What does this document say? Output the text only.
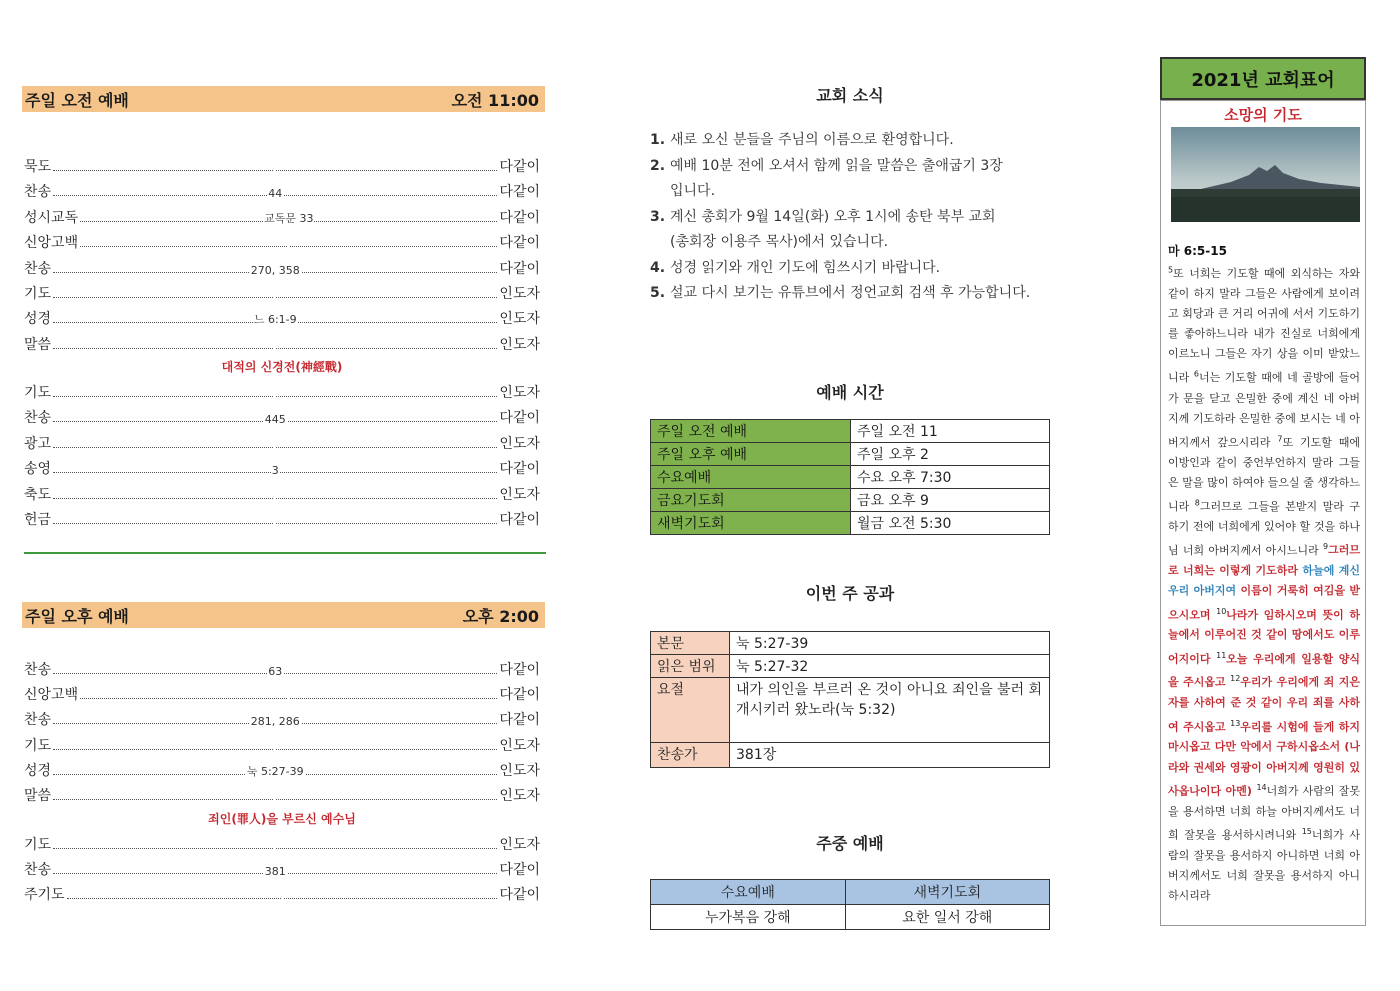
주일 오전 예배	오전 11:00
묵도	다같이
찬송	44	다같이
성시교독	교독문 33	다같이
신앙고백	다같이
찬송	270, 358	다같이
기도	인도자
성경	느 6:1-9	인도자
말씀	인도자
대적의 신경전(神經戰)
기도	인도자
찬송	445	다같이
광고	인도자
송영	3	다같이
축도	인도자
헌금	다같이
주일 오후 예배	오후 2:00
찬송	63	다같이
신앙고백	다같이
찬송	281, 286	다같이
기도	인도자
성경	눅 5:27-39	인도자
말씀	인도자
죄인(罪人)을 부르신 예수님
기도	인도자
찬송	381	다같이
주기도	다같이
교회 소식
1. 새로 오신 분들을 주님의 이름으로 환영합니다.
2. 예배 10분 전에 오셔서 함께 읽을 말씀은 출애굽기 3장
입니다.
3. 계신 총회가 9월 14일(화) 오후 1시에 송탄 북부 교회
(총회장 이용주 목사)에서 있습니다.
4. 성경 읽기와 개인 기도에 힘쓰시기 바랍니다.
5. 설교 다시 보기는 유튜브에서 정언교회 검색 후 가능합니다.
예배 시간
주일 오전 예배	주일 오전 11
주일 오후 예배	주일 오후 2
수요예배	수요 오후 7:30
금요기도회	금요 오후 9
새벽기도회	월금 오전 5:30
이번 주 공과
본문	눅 5:27-39
읽은 범위	눅 5:27-32
요절	내가 의인을 부르러 온 것이 아니요 죄인을 불러 회개시키러 왔노라(눅 5:32)
찬송가	381장
주중 예배
수요예배	새벽기도회
누가복음 강해	요한 일서 강해
2021년 교회표어
소망의 기도
마 6:5-15
$^5$또 너희는 기도할 때에 외식하는 자와 같이 하지 말라 그들은 사람에게 보이려고 회당과 큰 거리 어귀에 서서 기도하기를 좋아하느니라 내가 진실로 너희에게 이르노니 그들은 자기 상을 이미 받았느니라 $^6$너는 기도할 때에 네 골방에 들어가 문을 닫고 은밀한 중에 계신 네 아버지께 기도하라 은밀한 중에 보시는 네 아버지께서 갚으시리라 $^7$또 기도할 때에 이방인과 같이 중언부언하지 말라 그들은 말을 많이 하여야 들으실 줄 생각하느니라 $^8$그러므로 그들을 본받지 말라 구하기 전에 너희에게 있어야 할 것을 하나님 너희 아버지께서 아시느니라 $^9$그러므로 너희는 이렇게 기도하라 하늘에 계신 우리 아버지여 이름이 거룩히 여김을 받으시오며 $^{10}$나라가 임하시오며 뜻이 하늘에서 이루어진 것 같이 땅에서도 이루어지이다 $^{11}$오늘 우리에게 일용할 양식을 주시옵고 $^{12}$우리가 우리에게 죄 지은 자를 사하여 준 것 같이 우리 죄를 사하여 주시옵고 $^{13}$우리를 시험에 들게 하지 마시옵고 다만 악에서 구하시옵소서 (나라와 권세와 영광이 아버지께 영원히 있사옵나이다 아멘) $^{14}$너희가 사람의 잘못을 용서하면 너희 하늘 아버지께서도 너희 잘못을 용서하시려니와 $^{15}$너희가 사람의 잘못을 용서하지 아니하면 너희 아버지께서도 너희 잘못을 용서하지 아니하시리라
